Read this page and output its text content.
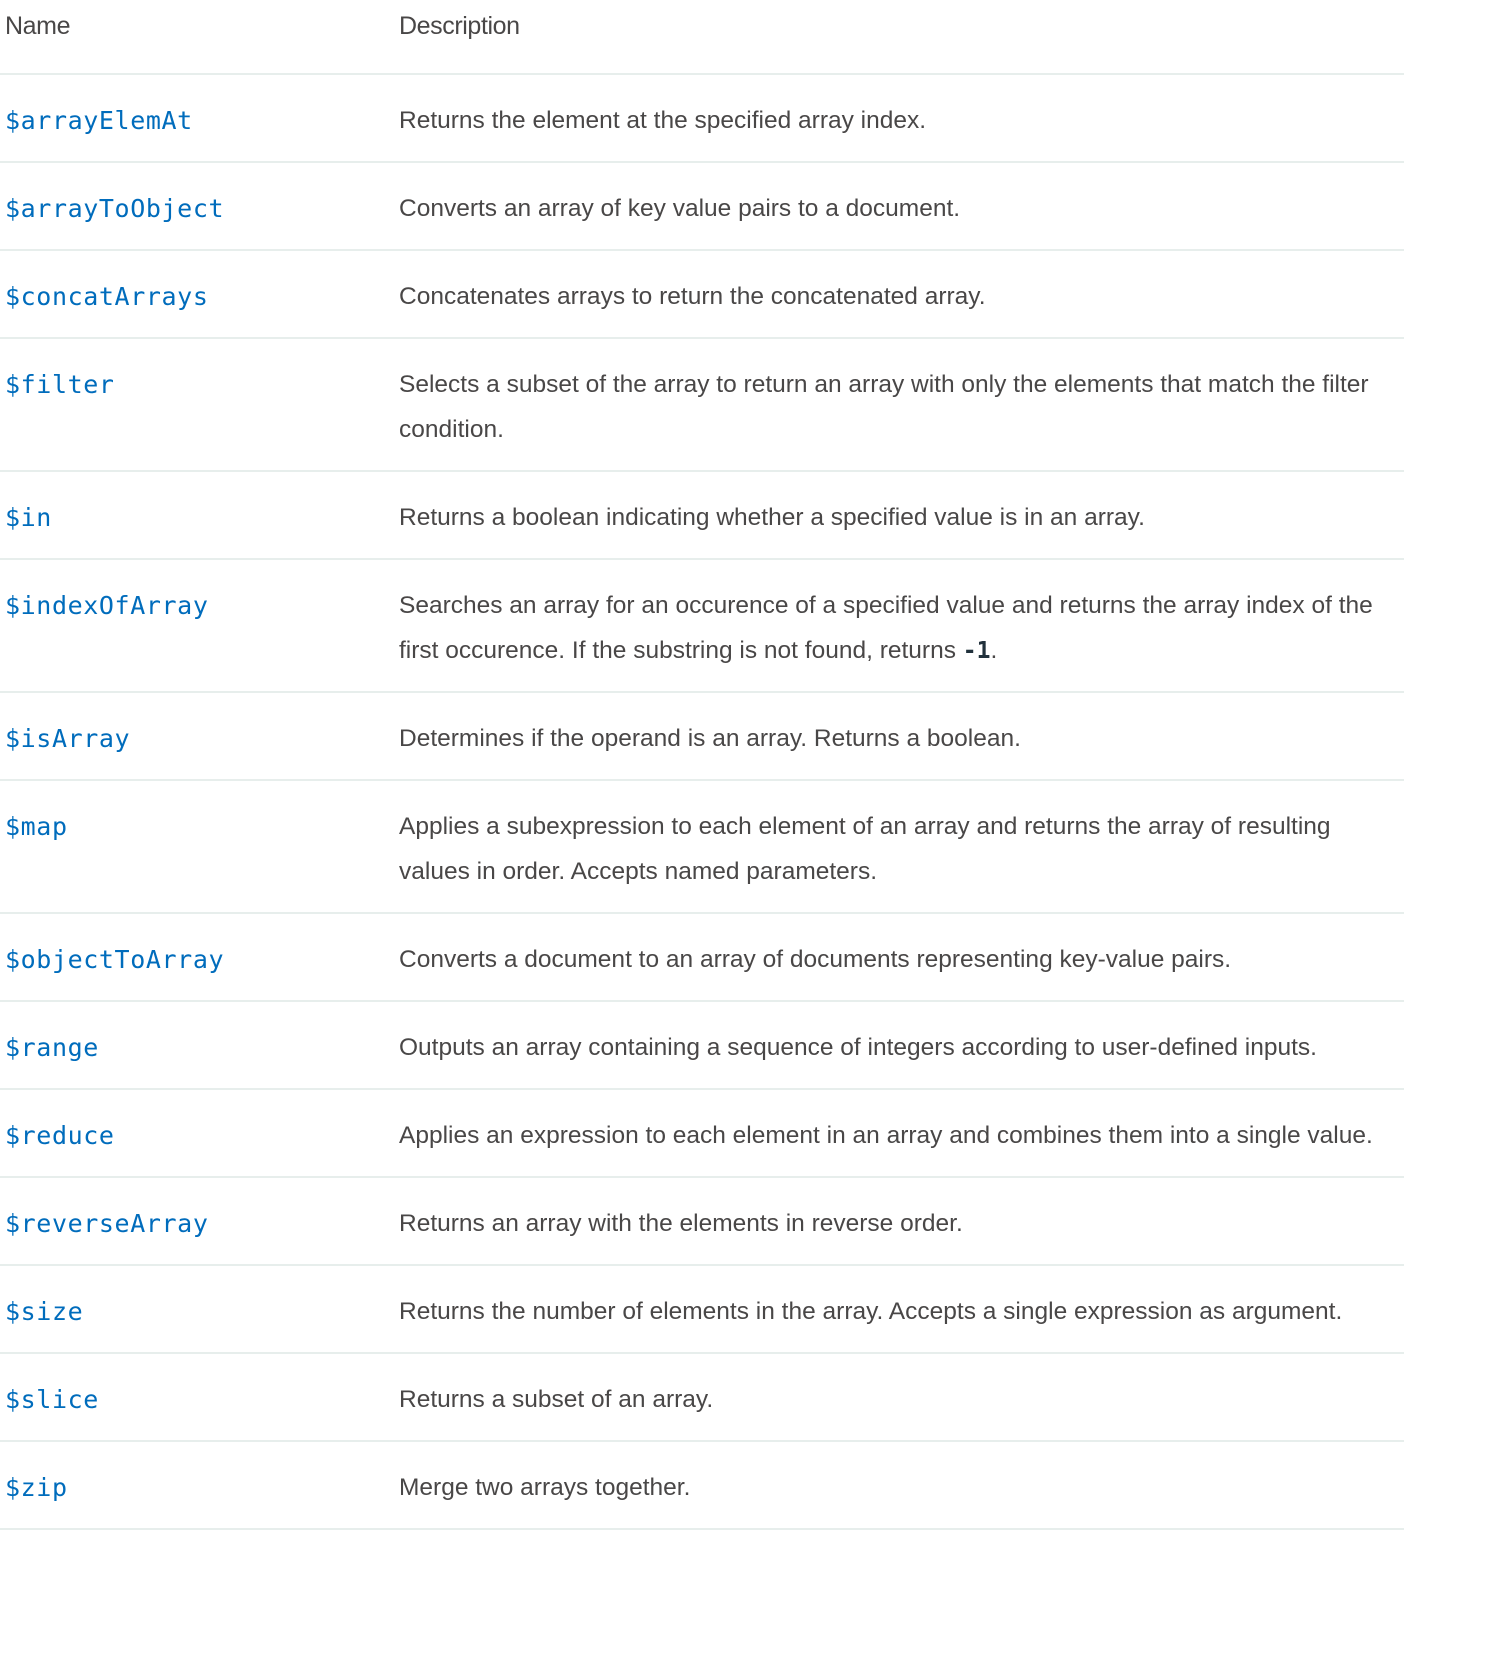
Name	Description
$arrayElemAt	Returns the element at the specified array index.

$arrayToObject	Converts an array of key value pairs to a document.

$concatArrays	Concatenates arrays to return the concatenated array.

$filter	Selects a subset of the array to return an array with only the elements that match the filter condition.

$in	Returns a boolean indicating whether a specified value is in an array.

$indexOfArray	Searches an array for an occurence of a specified value and returns the array index of the first occurence. If the substring is not found, returns -1.

$isArray	Determines if the operand is an array. Returns a boolean.

$map	Applies a subexpression to each element of an array and returns the array of resulting values in order. Accepts named parameters.

$objectToArray	Converts a document to an array of documents representing key-value pairs.

$range	Outputs an array containing a sequence of integers according to user-defined inputs.

$reduce	Applies an expression to each element in an array and combines them into a single value.

$reverseArray	Returns an array with the elements in reverse order.

$size	Returns the number of elements in the array. Accepts a single expression as argument.

$slice	Returns a subset of an array.

$zip	Merge two arrays together.
